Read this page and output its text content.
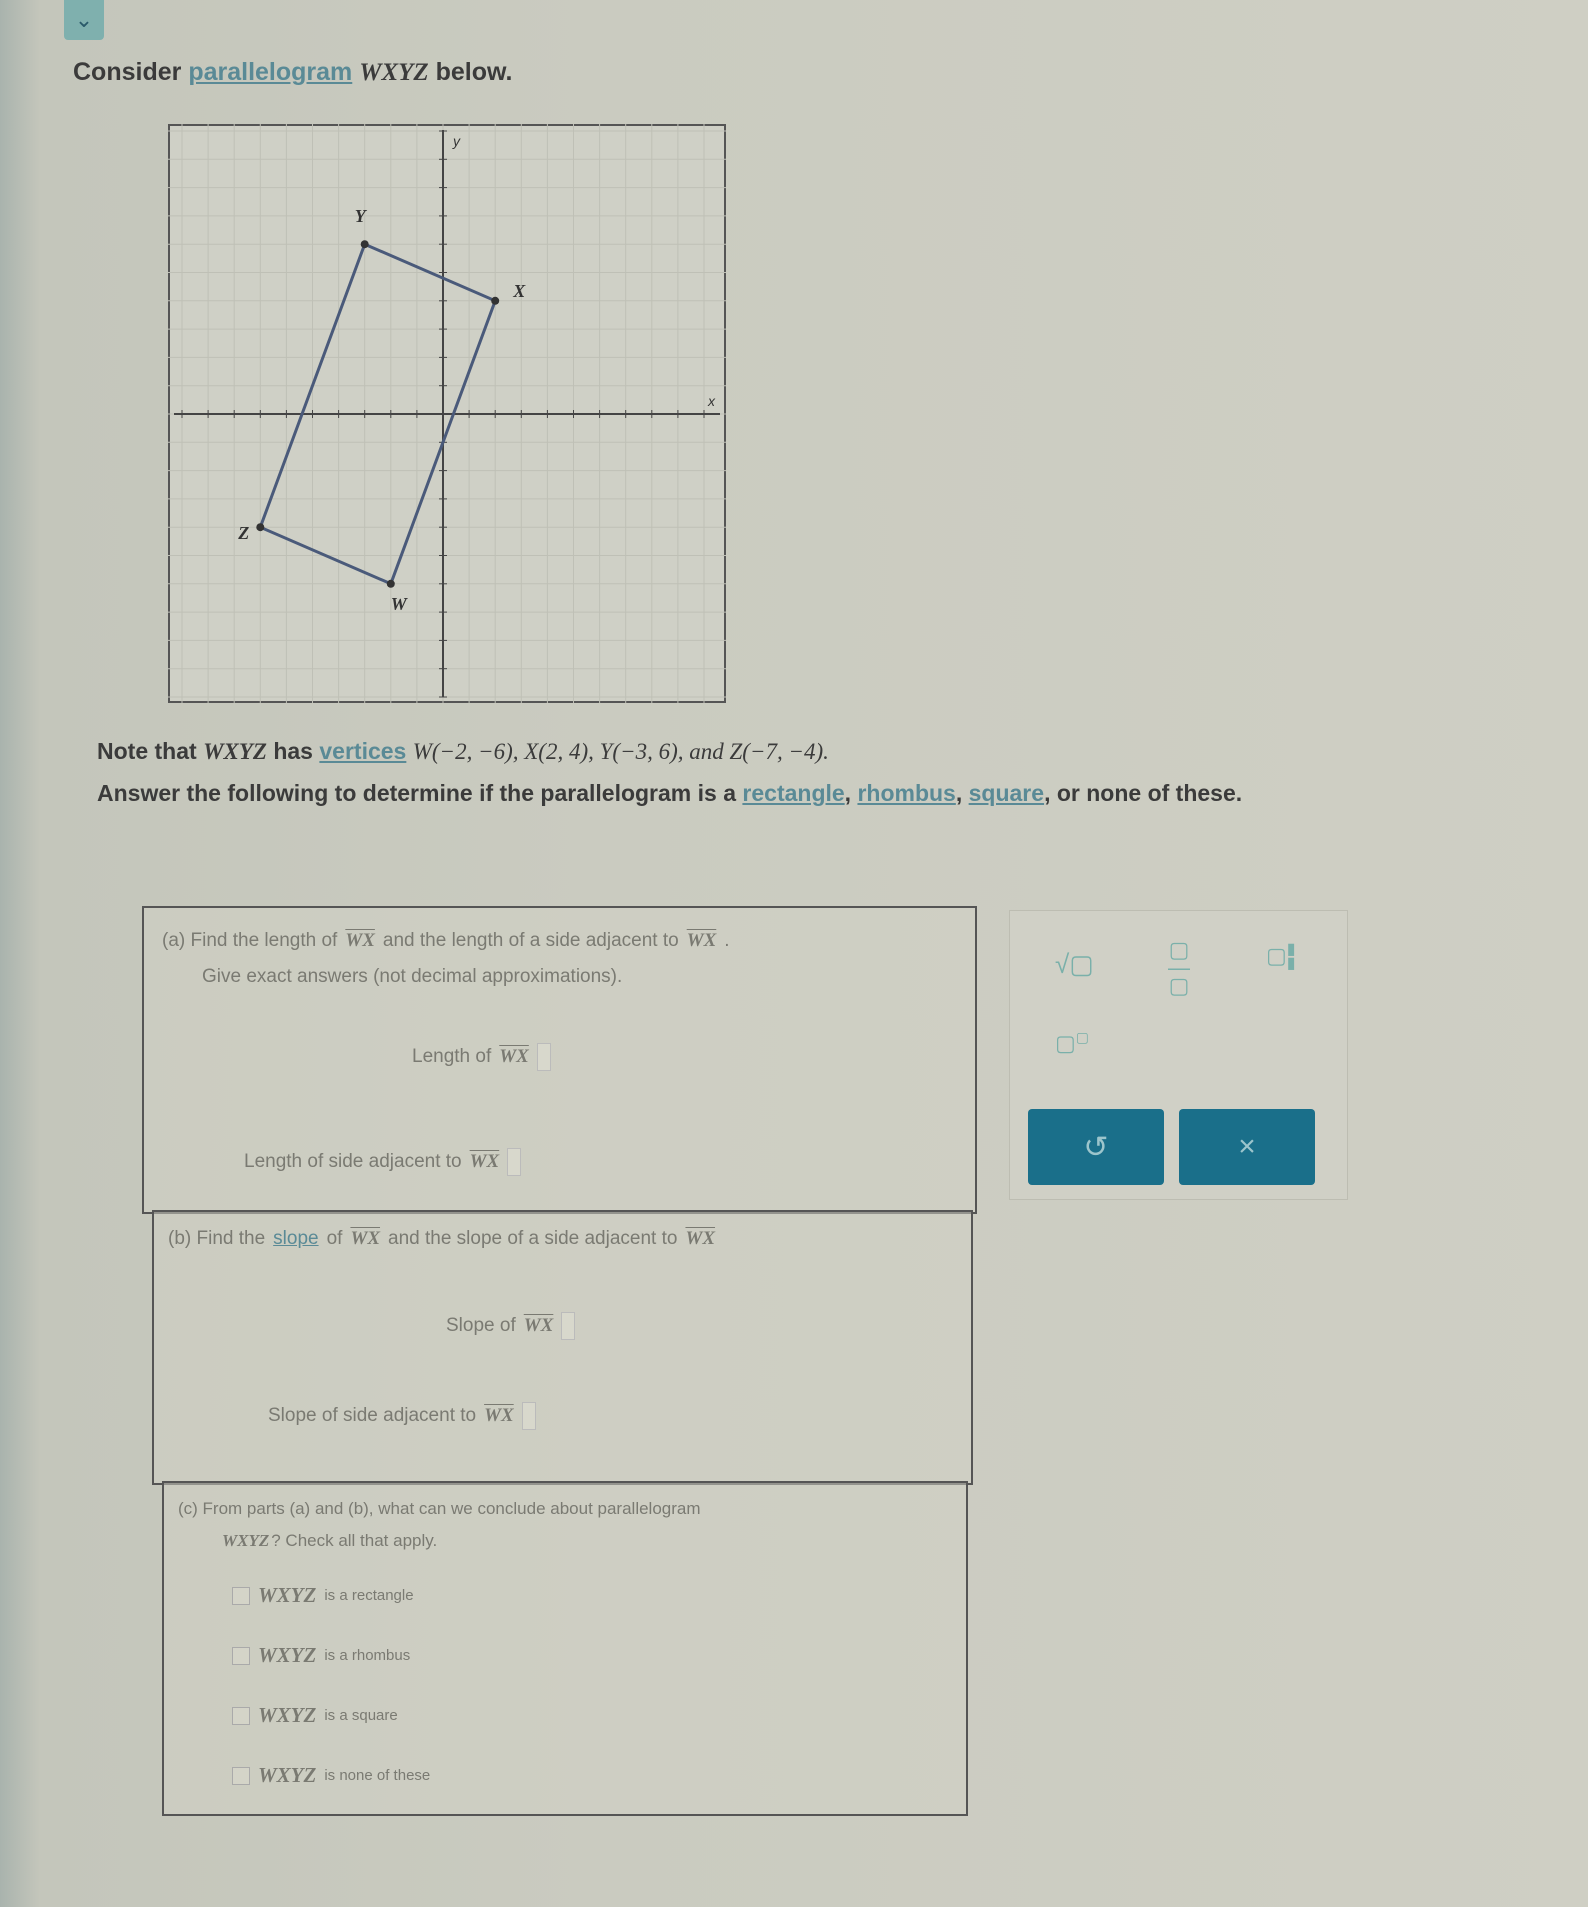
⌄
Consider parallelogram WXYZ below.
x
y
W
X
Y
Z
Note that WXYZ has vertices W(−2, −6), X(2, 4), Y(−3, 6), and Z(−7, −4).
Answer the following to determine if the parallelogram is a rectangle, rhombus, square, or none of these.
(a) Find the length of $\overline{WX}$ and the length of a side adjacent to $\overline{WX}$ .
Give exact answers (not decimal approximations).
Length of $\overline{WX}$
Length of side adjacent to $\overline{WX}$
(b) Find the slope of $\overline{WX}$ and the slope of a side adjacent to $\overline{WX}$
Slope of $\overline{WX}$
Slope of side adjacent to $\overline{WX}$
(c) From parts (a) and (b), what can we conclude about parallelogram
WXYZ ? Check all that apply.
WXYZ is a rectangle
WXYZ is a rhombus
WXYZ is a square
WXYZ is none of these
√▢	▢
—
▢
▢▮
▮
▢▢
↺	×
